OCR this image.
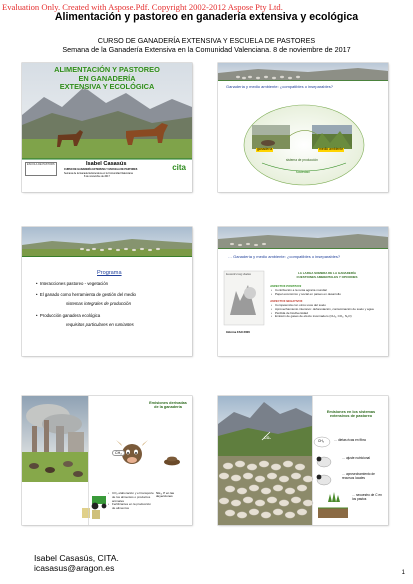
Evaluation Only. Created with Aspose.Pdf. Copyright 2002-2012 Aspose Pty Ltd.
Alimentación y pastoreo en ganadería extensiva y ecológica
CURSO DE GANADERÍA EXTENSIVA Y ESCUELA DE PASTORES
Semana de la Ganadería Extensiva en la Comunidad Valenciana. 8 de noviembre de 2017
ALIMENTACIÓN Y PASTOREO
EN GANADERÍA
EXTENSIVA Y ECOLÓGICA
Isabel Casasús
CURSO DE GANADERÍA EXTENSIVA Y ESCUELA DE PASTORES
Semana de la Ganadería Extensiva en la Comunidad Valenciana
8 de noviembre de 2017
ESCOLA DE PASTORS	cita
Ganadería y medio ambiente: ¿compatibles o inseparables?
ganadería	medio ambiente
sistema de producción
sociedad
Programa
•  Interacciones pastoreo - vegetación
•  El ganado como herramienta de gestión del medio
sistemas integrales de producción
•  Producción ganadera ecológica
requisitos particulares en rumiantes
… Ganadería y medio ambiente: ¿compatibles o inseparables?
livestock's long shadow
Informe FAO 2006
LA LARGA SOMBRA DE LA GANADERÍA
CUESTIONES AMBIENTALES Y OPCIONES
ASPECTOS POSITIVOS
• Contribución a la renta agraria mundial
• Papel económico y social en países en desarrollo
ASPECTOS NEGATIVOS
• Competencia con otros usos del suelo
• Aprovechamiento intensivo: deforestación, contaminación de suelo y agua
• Pérdida de biodiversidad
• Emisión de gases de efecto invernadero (CH₄, CO₂, N₂O)
Emisiones derivadas de la ganadería
CH₄
NH₃, P en las deyecciones
• CO₂ elaboración y el transporte de los alimentos o productos animales
• Fertilizantes en la producción de alimentos
Emisiones en los sistemas extensivos de pastoreo
CO₂
CH₄	… dietas ricas en fibra
… ajuste nutricional
… aprovechamiento de recursos locales
… secuestro de C en los pastos
Isabel Casasús, CITA.
icasasus@aragon.es	1
